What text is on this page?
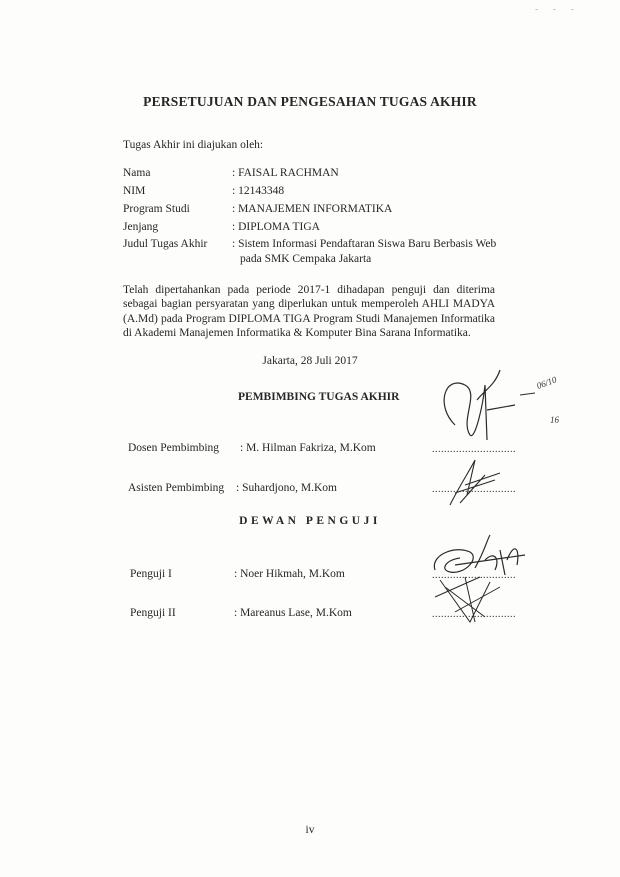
- - -
PERSETUJUAN DAN PENGESAHAN TUGAS AKHIR
Tugas Akhir ini diajukan oleh:
Nama	: FAISAL RACHMAN
NIM	: 12143348
Program Studi	: MANAJEMEN INFORMATIKA
Jenjang	: DIPLOMA TIGA
Judul Tugas Akhir : Sistem Informasi Pendaftaran Siswa Baru Berbasis Web
pada SMK Cempaka Jakarta
Telah dipertahankan pada periode 2017-1 dihadapan penguji dan diterima sebagai bagian persyaratan yang diperlukan untuk memperoleh AHLI MADYA (A.Md) pada Program DIPLOMA TIGA Program Studi Manajemen Informatika di Akademi Manajemen Informatika & Komputer Bina Sarana Informatika.
Jakarta, 28 Juli 2017
PEMBIMBING TUGAS AKHIR
Dosen Pembimbing : M. Hilman Fakriza, M.Kom	............................
Asisten Pembimbing : Suhardjono, M.Kom	............................
DEWAN PENGUJI
Penguji I	: Noer Hikmah, M.Kom	............................
Penguji II	: Mareanus Lase, M.Kom	............................
06/10
16
iv
